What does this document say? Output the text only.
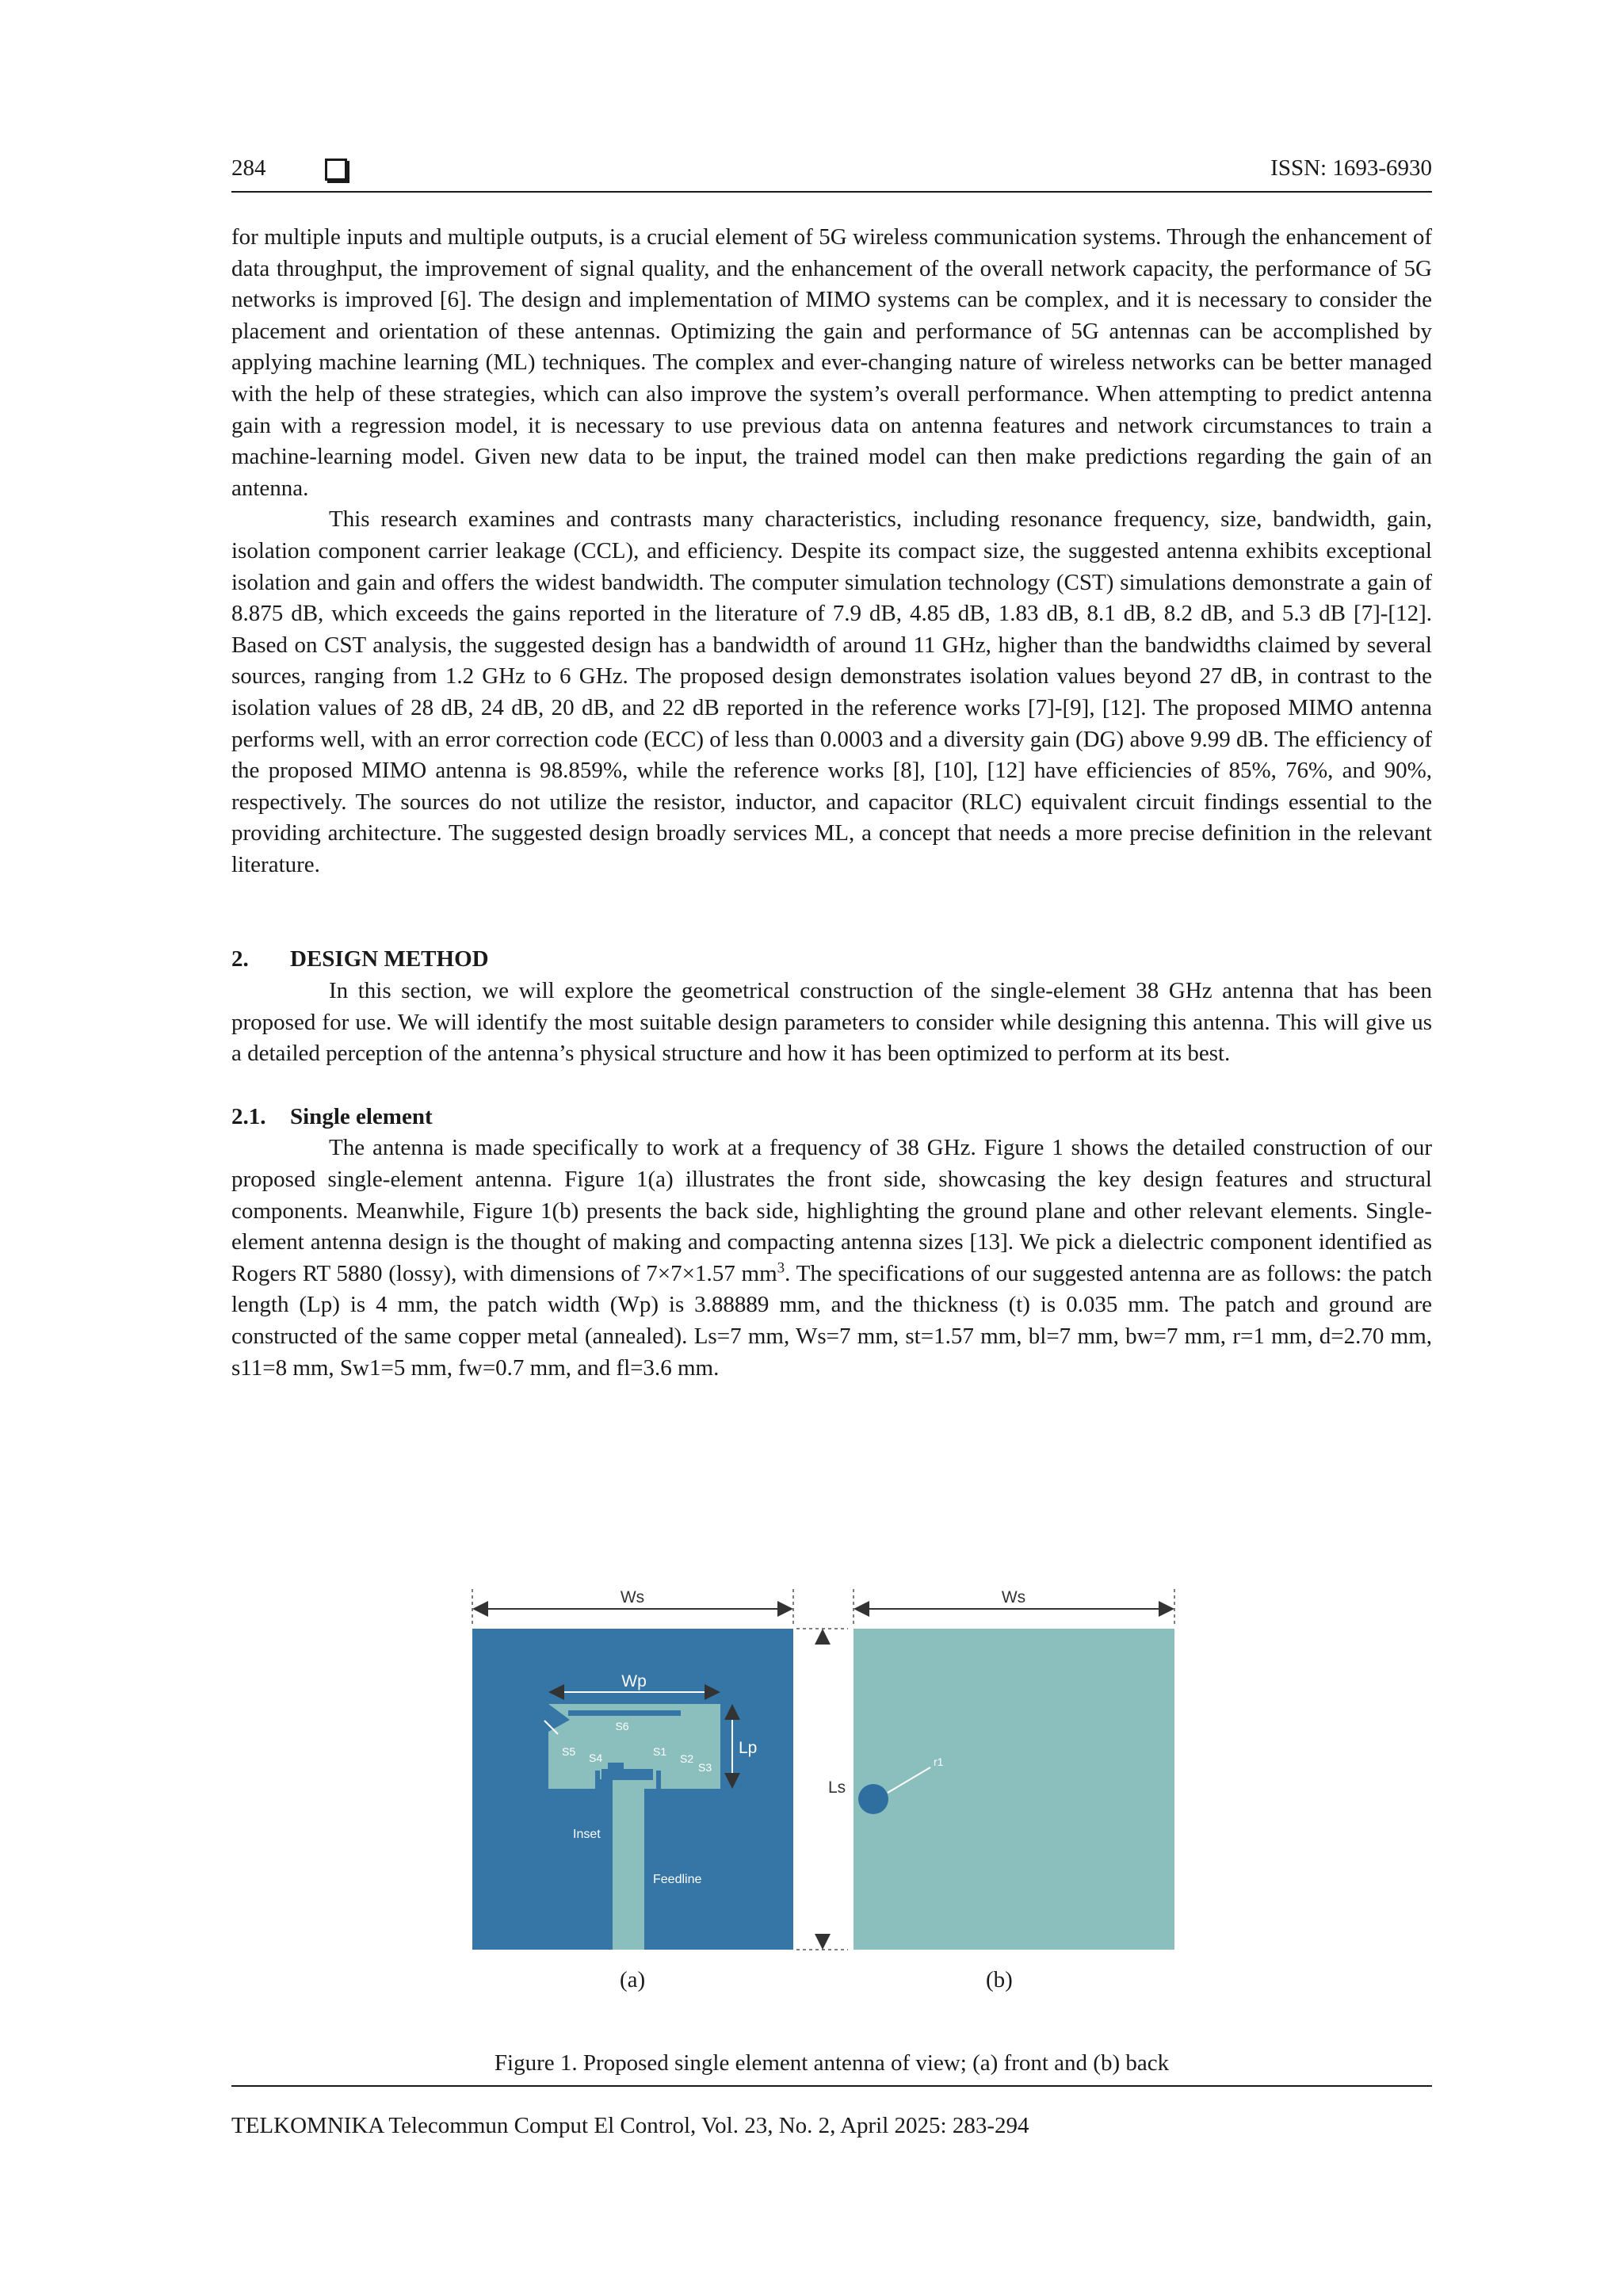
284	ISSN: 1693-6930

for multiple inputs and multiple outputs, is a crucial element of 5G wireless communication systems. Through the enhancement of data throughput, the improvement of signal quality, and the enhancement of the overall network capacity, the performance of 5G networks is improved [6]. The design and implementation of MIMO systems can be complex, and it is necessary to consider the placement and orientation of these antennas. Optimizing the gain and performance of 5G antennas can be accomplished by applying machine learning (ML) techniques. The complex and ever-changing nature of wireless networks can be better managed with the help of these strategies, which can also improve the system’s overall performance. When attempting to predict antenna gain with a regression model, it is necessary to use previous data on antenna features and network circumstances to train a machine-learning model. Given new data to be input, the trained model can then make predictions regarding the gain of an antenna.

This research examines and contrasts many characteristics, including resonance frequency, size, bandwidth, gain, isolation component carrier leakage (CCL), and efficiency. Despite its compact size, the suggested antenna exhibits exceptional isolation and gain and offers the widest bandwidth. The computer simulation technology (CST) simulations demonstrate a gain of 8.875 dB, which exceeds the gains reported in the literature of 7.9 dB, 4.85 dB, 1.83 dB, 8.1 dB, 8.2 dB, and 5.3 dB [7]-[12]. Based on CST analysis, the suggested design has a bandwidth of around 11 GHz, higher than the bandwidths claimed by several sources, ranging from 1.2 GHz to 6 GHz. The proposed design demonstrates isolation values beyond 27 dB, in contrast to the isolation values of 28 dB, 24 dB, 20 dB, and 22 dB reported in the reference works [7]-[9], [12]. The proposed MIMO antenna performs well, with an error correction code (ECC) of less than 0.0003 and a diversity gain (DG) above 9.99 dB. The efficiency of the proposed MIMO antenna is 98.859%, while the reference works [8], [10], [12] have efficiencies of 85%, 76%, and 90%, respectively. The sources do not utilize the resistor, inductor, and capacitor (RLC) equivalent circuit findings essential to the providing architecture. The suggested design broadly services ML, a concept that needs a more precise definition in the relevant literature.

2. DESIGN METHOD

In this section, we will explore the geometrical construction of the single-element 38 GHz antenna that has been proposed for use. We will identify the most suitable design parameters to consider while designing this antenna. This will give us a detailed perception of the antenna’s physical structure and how it has been optimized to perform at its best.

2.1. Single element

The antenna is made specifically to work at a frequency of 38 GHz. Figure 1 shows the detailed construction of our proposed single-element antenna. Figure 1(a) illustrates the front side, showcasing the key design features and structural components. Meanwhile, Figure 1(b) presents the back side, highlighting the ground plane and other relevant elements. Single-element antenna design is the thought of making and compacting antenna sizes [13]. We pick a dielectric component identified as Rogers RT 5880 (lossy), with dimensions of 7×7×1.57 $mm^3$. The specifications of our suggested antenna are as follows: the patch length (Lp) is 4 mm, the patch width (Wp) is 3.88889 mm, and the thickness (t) is 0.035 mm. The patch and ground are constructed of the same copper metal (annealed). Ls=7 mm, Ws=7 mm, st=1.57 mm, bl=7 mm, bw=7 mm, r=1 mm, d=2.70 mm, s11=8 mm, Sw1=5 mm, fw=0.7 mm, and fl=3.6 mm.

Ws	Ws
Wp
Lp
Ls
S6
S5 S4	S1
S2
S3	r1
Inset
Feedline
(a)	(b)
Figure 1. Proposed single element antenna of view; (a) front and (b) back
TELKOMNIKA Telecommun Comput El Control, Vol. 23, No. 2, April 2025: 283-294
